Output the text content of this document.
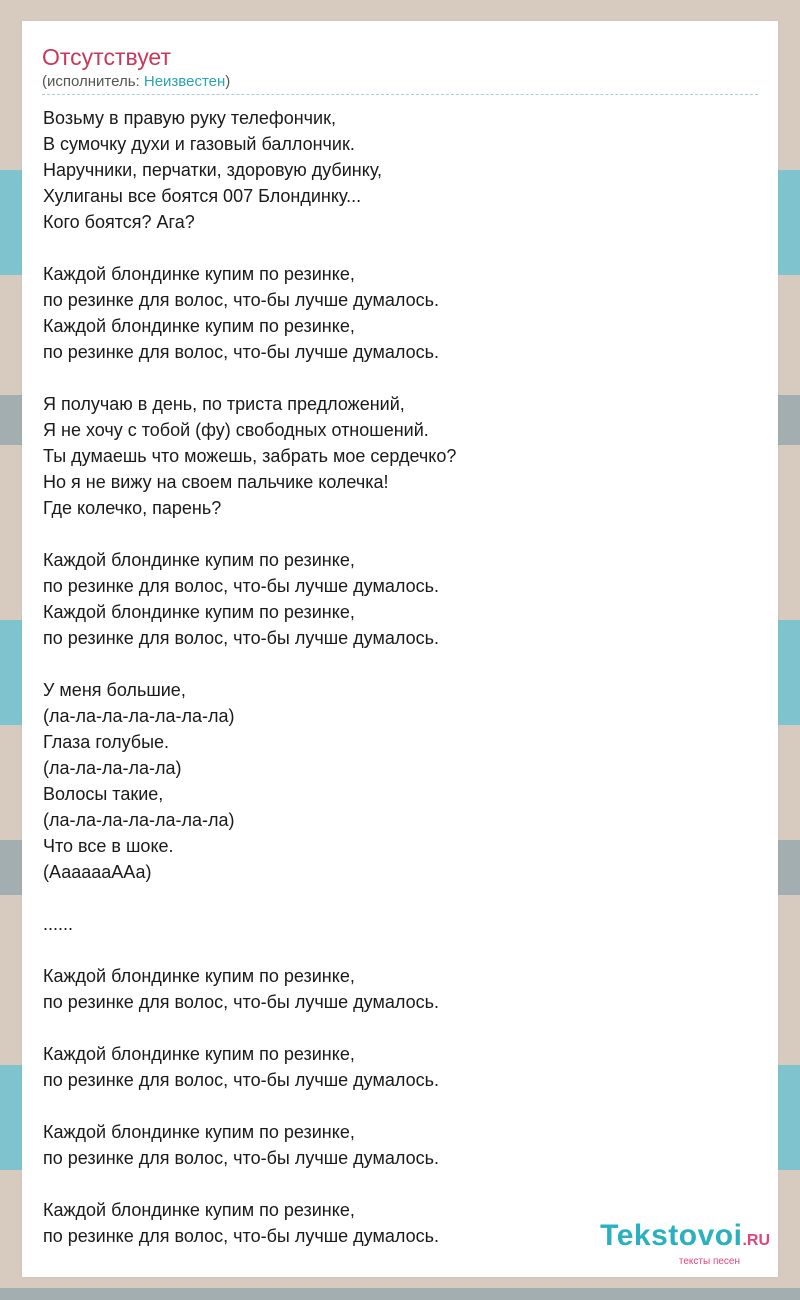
Отсутствует
(исполнитель: Неизвестен)
Возьму в правую руку телефончик,
В сумочку духи и газовый баллончик.
Наручники, перчатки, здоровую дубинку,
Хулиганы все боятся 007 Блондинку...
Кого боятся? Ага?
Каждой блондинке купим по резинке,
по резинке для волос, что-бы лучше думалось.
Каждой блондинке купим по резинке,
по резинке для волос, что-бы лучше думалось.
Я получаю в день, по триста предложений,
Я не хочу с тобой (фу) свободных отношений.
Ты думаешь что можешь, забрать мое сердечко?
Но я не вижу на своем пальчике колечка!
Где колечко, парень?
Каждой блондинке купим по резинке,
по резинке для волос, что-бы лучше думалось.
Каждой блондинке купим по резинке,
по резинке для волос, что-бы лучше думалось.
У меня большие,
(ла-ла-ла-ла-ла-ла-ла)
Глаза голубые.
(ла-ла-ла-ла-ла)
Волосы такие,
(ла-ла-ла-ла-ла-ла-ла)
Что все в шоке.
(АаааааААа)
......
Каждой блондинке купим по резинке,
по резинке для волос, что-бы лучше думалось.
Каждой блондинке купим по резинке,
по резинке для волос, что-бы лучше думалось.
Каждой блондинке купим по резинке,
по резинке для волос, что-бы лучше думалось.
Каждой блондинке купим по резинке,
по резинке для волос, что-бы лучше думалось.	Tekstovoi.RU
тексты песен
